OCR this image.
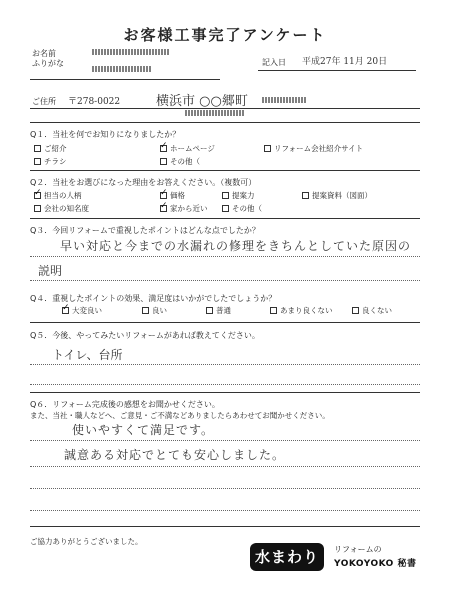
お客様工事完了アンケート
ふりがな
お名前
記入日 平成27年 11月 20日
ご住所 〒278-0022	横浜市 ○○郷町
Q１．当社を何でお知りになりましたか？
ご紹介 ✓	ホームページ	リフォーム会社紹介サイト
チラシ	その他（
Q２．当社をお選びになった理由をお答えください。（複数可）
✓
担当の人柄 ✓	価格	提案力	提案資料（図面）
会社の知名度 ✓	家から近い	その他（
Q３．今回リフォームで重視したポイントはどんな点でしたか？
早い対応と今までの水漏れの修理をきちんとしていた原因の
説明
Q４．重視したポイントの効果、満足度はいかがでしたでしょうか？
✓
大変良い	良い	普通	あまり良くない	良くない
Q５．今後、やってみたいリフォームがあれば教えてください。
トイレ、台所
Q６．リフォーム完成後の感想をお聞かせください。
また、当社・職人などへ、ご意見・ご不満などありましたらあわせてお聞かせください。
使いやすくて満足です。
誠意ある対応でとても安心しました。
ご協力ありがとうございました。
水まわり	リフォームの
YOKOYOKO 秘書
